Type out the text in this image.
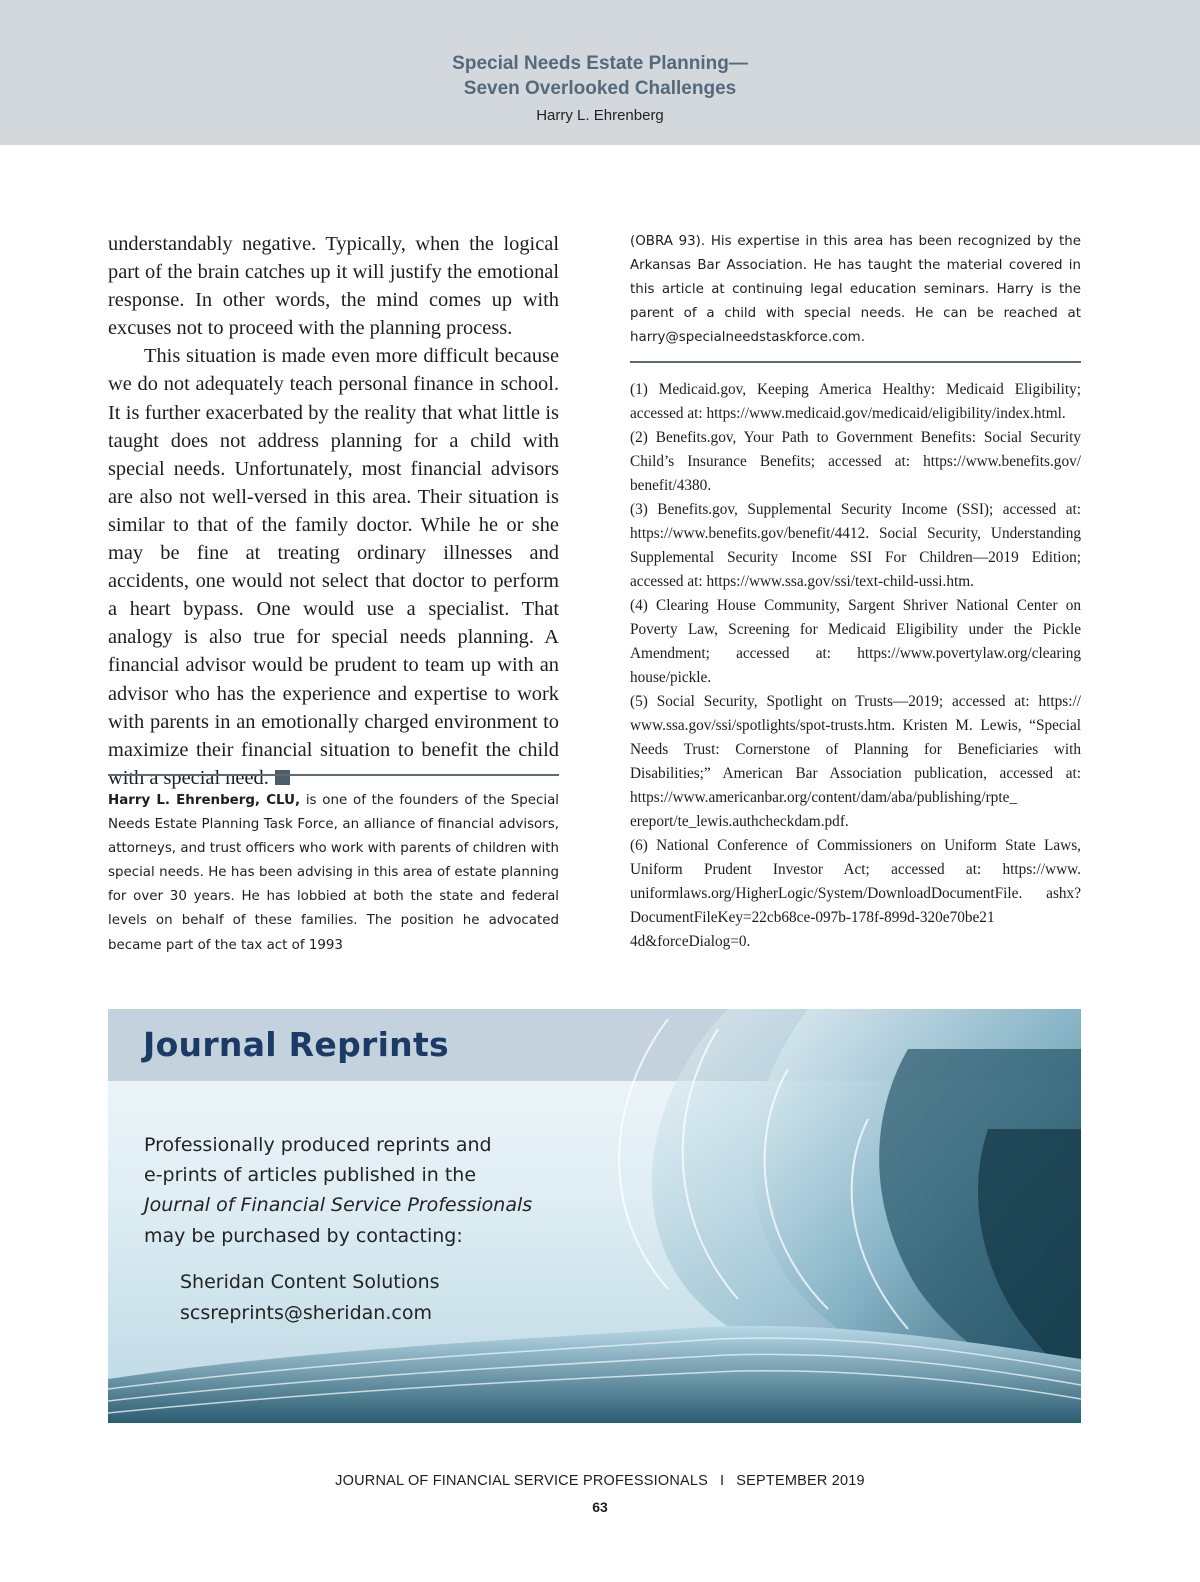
Special Needs Estate Planning—
Seven Overlooked Challenges
Harry L. Ehrenberg

understandably negative. Typically, when the logical part of the brain catches up it will justify the emotional response. In other words, the mind comes up with excuses not to proceed with the planning process.

This situation is made even more difficult because we do not adequately teach personal finance in school. It is further exacerbated by the reality that what little is taught does not address planning for a child with special needs. Unfortunately, most financial advisors are also not well-versed in this area. Their situation is similar to that of the family doctor. While he or she may be fine at treating ordinary illnesses and accidents, one would not select that doctor to perform a heart bypass. One would use a specialist. That analogy is also true for special needs planning. A financial advisor would be prudent to team up with an advisor who has the experience and expertise to work with parents in an emotionally charged environment to maximize their financial situation to benefit the child with a special need.

Harry L. Ehrenberg, CLU, is one of the founders of the Special Needs Estate Planning Task Force, an alliance of financial advisors, attorneys, and trust officers who work with parents of children with special needs. He has been advising in this area of estate planning for over 30 years. He has lobbied at both the state and federal levels on behalf of these families. The position he advocated became part of the tax act of 1993
(OBRA 93). His expertise in this area has been recognized by the Arkansas Bar Association. He has taught the material covered in this article at continuing legal education seminars. Harry is the parent of a child with special needs. He can be reached at harry@specialneedstaskforce.com.

(1) Medicaid.gov, Keeping America Healthy: Medicaid Eligibility; accessed at: https://www.medicaid.gov/medicaid/eligibility/index.html.

(2) Benefits.gov, Your Path to Government Benefits: Social Security Child’s Insurance Benefits; accessed at: https://www.benefits.gov/ benefit/4380.

(3) Benefits.gov, Supplemental Security Income (SSI); accessed at: https://www.benefits.gov/benefit/4412. Social Security, Understanding Supplemental Security Income SSI For Children—2019 Edition; accessed at: https://www.ssa.gov/ssi/text-child-ussi.htm.

(4) Clearing House Community, Sargent Shriver National Center on Poverty Law, Screening for Medicaid Eligibility under the Pickle Amendment; accessed at: https://www.povertylaw.org/clearing house/pickle.

(5) Social Security, Spotlight on Trusts—2019; accessed at: https:// www.ssa.gov/ssi/spotlights/spot-trusts.htm. Kristen M. Lewis, “Special Needs Trust: Cornerstone of Planning for Beneficiaries with Disabilities;” American Bar Association publication, accessed at: https://www.americanbar.org/content/dam/aba/publishing/rpte_ ereport/te_lewis.authcheckdam.pdf.

(6) National Conference of Commissioners on Uniform State Laws, Uniform Prudent Investor Act; accessed at: https://www. uniformlaws.org/HigherLogic/System/DownloadDocumentFile. ashx?DocumentFileKey=22cb68ce-097b-178f-899d-320e70be21 4d&forceDialog=0.

Journal Reprints
Professionally produced reprints and
e-prints of articles published in the
Journal of Financial Service Professionals
may be purchased by contacting:
Sheridan Content Solutions
scsreprints@sheridan.com
JOURNAL OF FINANCIAL SERVICE PROFESSIONALS I SEPTEMBER 2019
63
